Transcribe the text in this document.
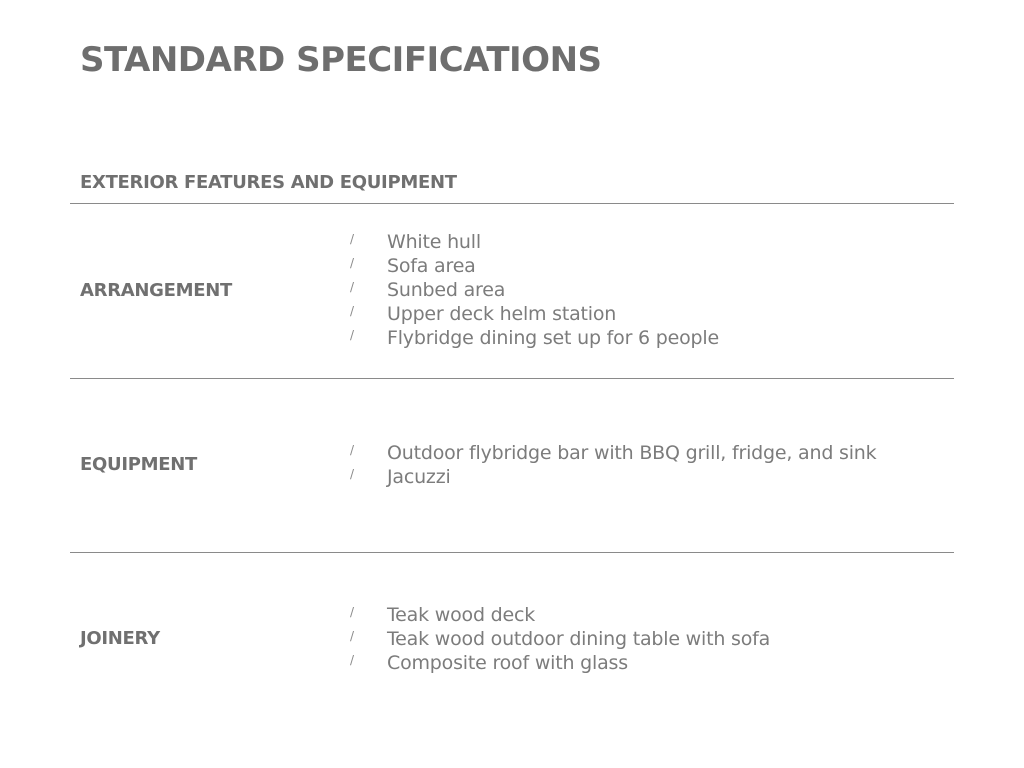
STANDARD SPECIFICATIONS
EXTERIOR FEATURES AND EQUIPMENT
ARRANGEMENT
/ White hull
/ Sofa area
/ Sunbed area
/ Upper deck helm station
/ Flybridge dining set up for 6 people
EQUIPMENT
/ Outdoor flybridge bar with BBQ grill, fridge, and sink
/ Jacuzzi
JOINERY
/ Teak wood deck
/ Teak wood outdoor dining table with sofa
/ Composite roof with glass
